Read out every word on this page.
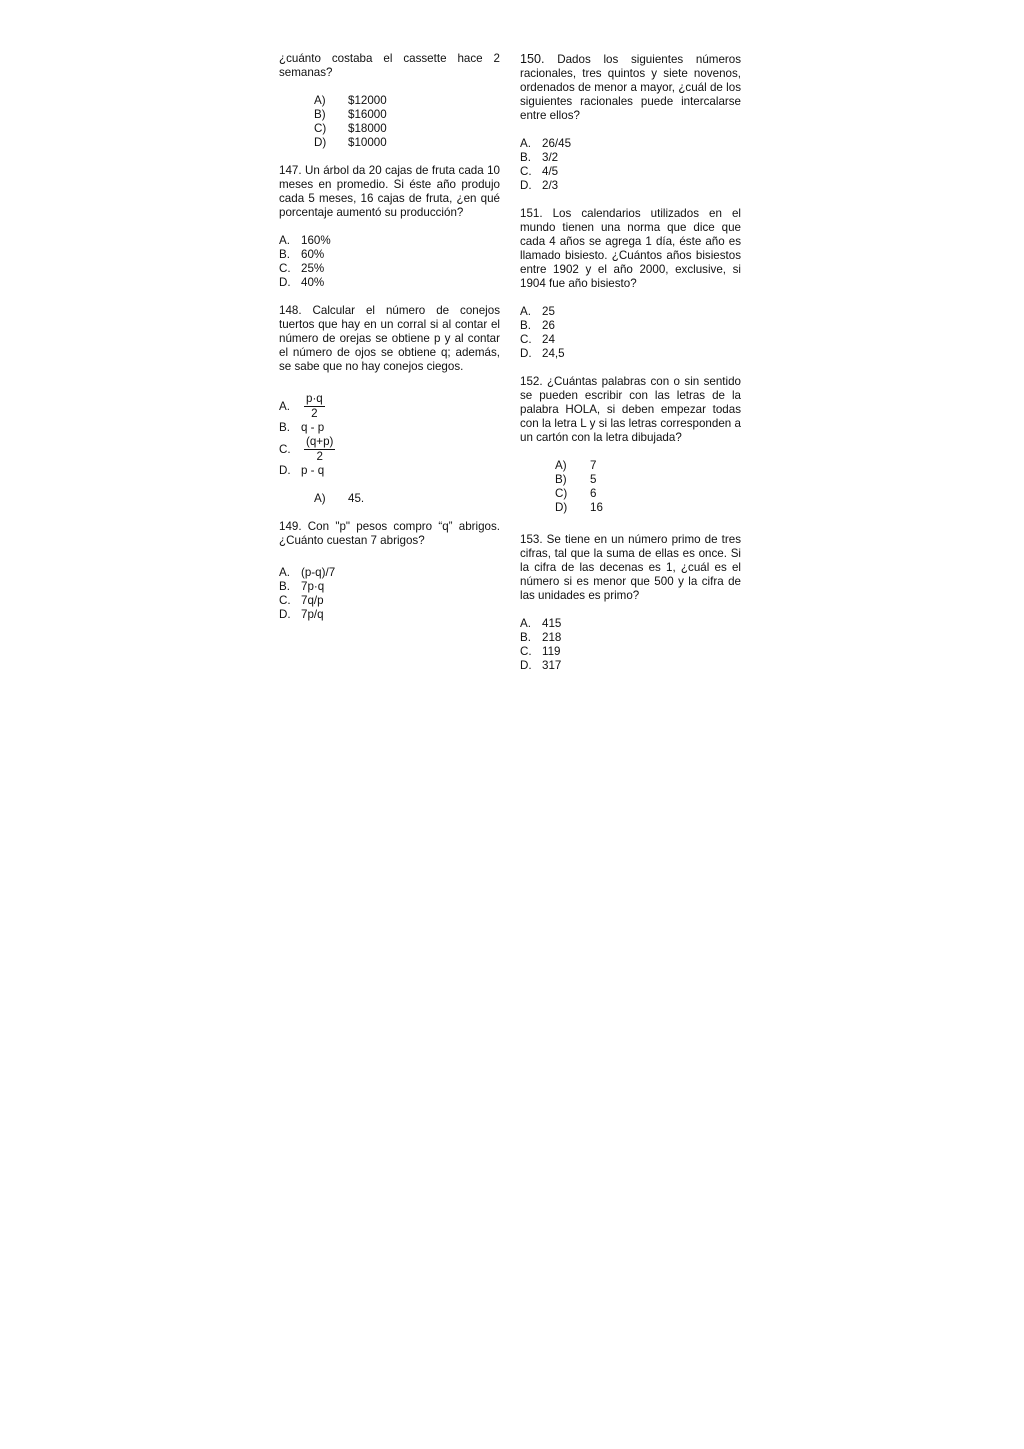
¿cuánto costaba el cassette hace 2 semanas?

A)	$12000
B)	$16000
C)	$18000
D)	$10000

147. Un árbol da 20 cajas de fruta cada 10 meses en promedio. Si éste año produjo cada 5 meses, 16 cajas de fruta, ¿en qué porcentaje aumentó su producción?

A. 160%
B. 60%
C. 25%
D. 40%

148. Calcular el número de conejos tuertos que hay en un corral si al contar el número de orejas se obtiene p y al contar el número de ojos se obtiene q; además, se sabe que no hay conejos ciegos.

A.	$\frac{p\cdot q}{2}$
B. q - p
C.	$\frac{(q+p)}{2}$
D. p - q
A)	45.

149. Con "p" pesos compro “q” abrigos. ¿Cuánto cuestan 7 abrigos?

A. (p-q)/7
B. 7p·q
C. 7q/p
D. 7p/q

150. Dados los siguientes números racionales, tres quintos y siete novenos, ordenados de menor a mayor, ¿cuál de los siguientes racionales puede intercalarse entre ellos?

A. 26/45
B. 3/2
C. 4/5
D. 2/3

151. Los calendarios utilizados en el mundo tienen una norma que dice que cada 4 años se agrega 1 día, éste año es llamado bisiesto. ¿Cuántos años bisiestos entre 1902 y el año 2000, exclusive, si 1904 fue año bisiesto?

A. 25
B. 26
C. 24
D. 24,5

152. ¿Cuántas palabras con o sin sentido se pueden escribir con las letras de la palabra HOLA, si deben empezar todas con la letra L y si las letras corresponden a un cartón con la letra dibujada?

A)	7
B)	5
C)	6
D)	16

153. Se tiene en un número primo de tres cifras, tal que la suma de ellas es once. Si la cifra de las decenas es 1, ¿cuál es el número si es menor que 500 y la cifra de las unidades es primo?

A. 415
B. 218
C. 119
D. 317
